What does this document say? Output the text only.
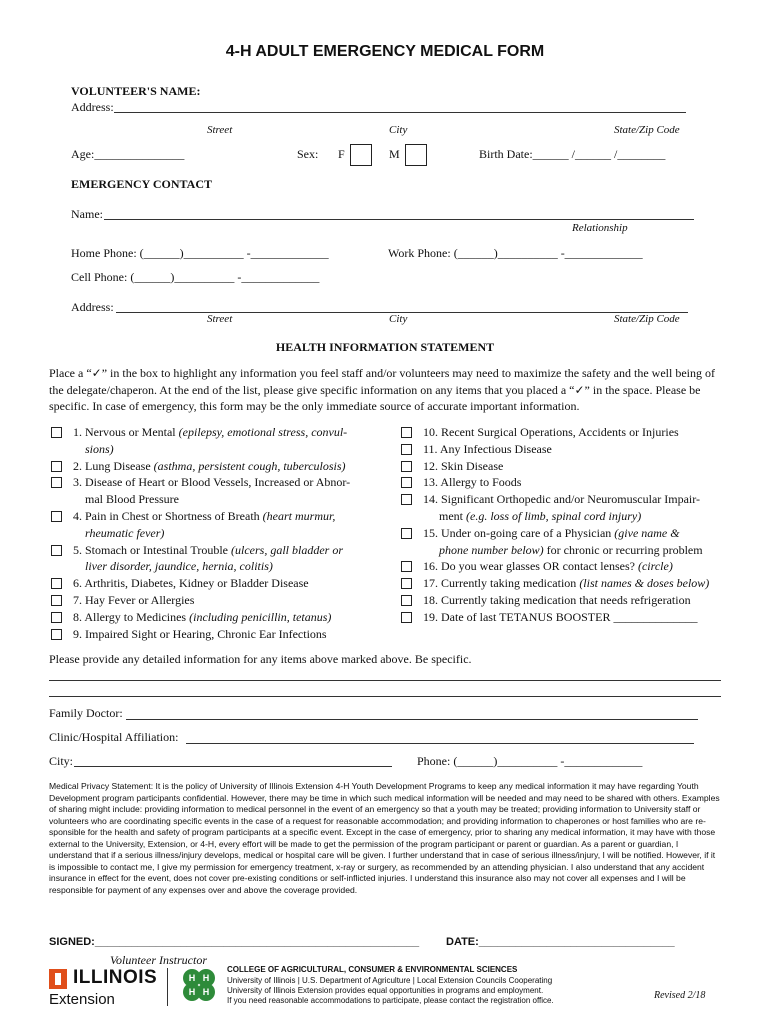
4-H ADULT EMERGENCY MEDICAL FORM
VOLUNTEER'S NAME:
Address:
Street	City	State/Zip Code
Age:_______________	Sex: F	M	Birth Date:______ /______ /________
EMERGENCY CONTACT
Name:
Relationship
Home Phone: (______)__________ -_____________	Work Phone: (______)__________ -_____________
Cell Phone: (______)__________ -_____________
Address:
Street	City	State/Zip Code
HEALTH INFORMATION STATEMENT
Place a “✓” in the box to highlight any information you feel staff and/or volunteers may need to maximize the safety and the well being of the delegate/chaperon. At the end of the list, please give specific information on any items that you placed a “✓” in the space. Please be specific. In case of emergency, this form may be the only immediate source of accurate important information.
1. Nervous or Mental (epilepsy, emotional stress, convul-
sions)
2. Lung Disease (asthma, persistent cough, tuberculosis)
3. Disease of Heart or Blood Vessels, Increased or Abnor-
mal Blood Pressure
4. Pain in Chest or Shortness of Breath (heart murmur,
rheumatic fever)
5. Stomach or Intestinal Trouble (ulcers, gall bladder or
liver disorder, jaundice, hernia, colitis)
6. Arthritis, Diabetes, Kidney or Bladder Disease
7. Hay Fever or Allergies
8. Allergy to Medicines (including penicillin, tetanus)
9. Impaired Sight or Hearing, Chronic Ear Infections
10. Recent Surgical Operations, Accidents or Injuries
11. Any Infectious Disease
12. Skin Disease
13. Allergy to Foods
14. Significant Orthopedic and/or Neuromuscular Impair-
ment (e.g. loss of limb, spinal cord injury)
15. Under on-going care of a Physician (give name &
phone number below) for chronic or recurring problem
16. Do you wear glasses OR contact lenses? (circle)
17. Currently taking medication (list names & doses below)
18. Currently taking medication that needs refrigeration
19. Date of last TETANUS BOOSTER ______________
Please provide any detailed information for any items above marked above. Be specific.
Family Doctor:
Clinic/Hospital Affiliation:
City:	Phone: (______)__________ -_____________
Medical Privacy Statement: It is the policy of University of Illinois Extension 4-H Youth Development Programs to keep any medical information it may have regarding Youth Development program participants confidential. However, there may be time in which such medical information will be needed and may need to be shared with others. Examples of sharing might include: providing information to medical personnel in the event of an emergency so that a youth may be treated; providing information to University staff or volunteers who are coordinating specific events in the case of a request for reasonable accommodation; and providing information to chaperones or host families who are re-sponsible for the health and safety of program participants at a specific event. Except in the case of emergency, prior to sharing any medical information, it may have with those external to the University, Extension, or 4-H, every effort will be made to get the permission of the program participant or parent or guardian. As a parent or guardian, I understand that if a serious illness/injury develops, medical or hospital care will be given. I further understand that in case of serious illness/injury, I will be notified. However, if it is impossible to contact me, I give my permission for emergency treatment, x-ray or surgery, as recommended by an attending physician. I also understand that any accident insurance in effect for the event, does not cover pre-existing conditions or self-inflicted injuries. I understand this insurance also may not cover all expenses and I will be responsible for payment of any expenses over and above the coverage provided.
SIGNED:_____________________________________________________ DATE:________________________________
Volunteer Instructor
ILLINOIS
Extension
H H
H H
COLLEGE OF AGRICULTURAL, CONSUMER & ENVIRONMENTAL SCIENCES
University of Illinois | U.S. Department of Agriculture | Local Extension Councils Cooperating
University of Illinois Extension provides equal opportunities in programs and employment.
If you need reasonable accommodations to participate, please contact the registration office.	Revised 2/18
